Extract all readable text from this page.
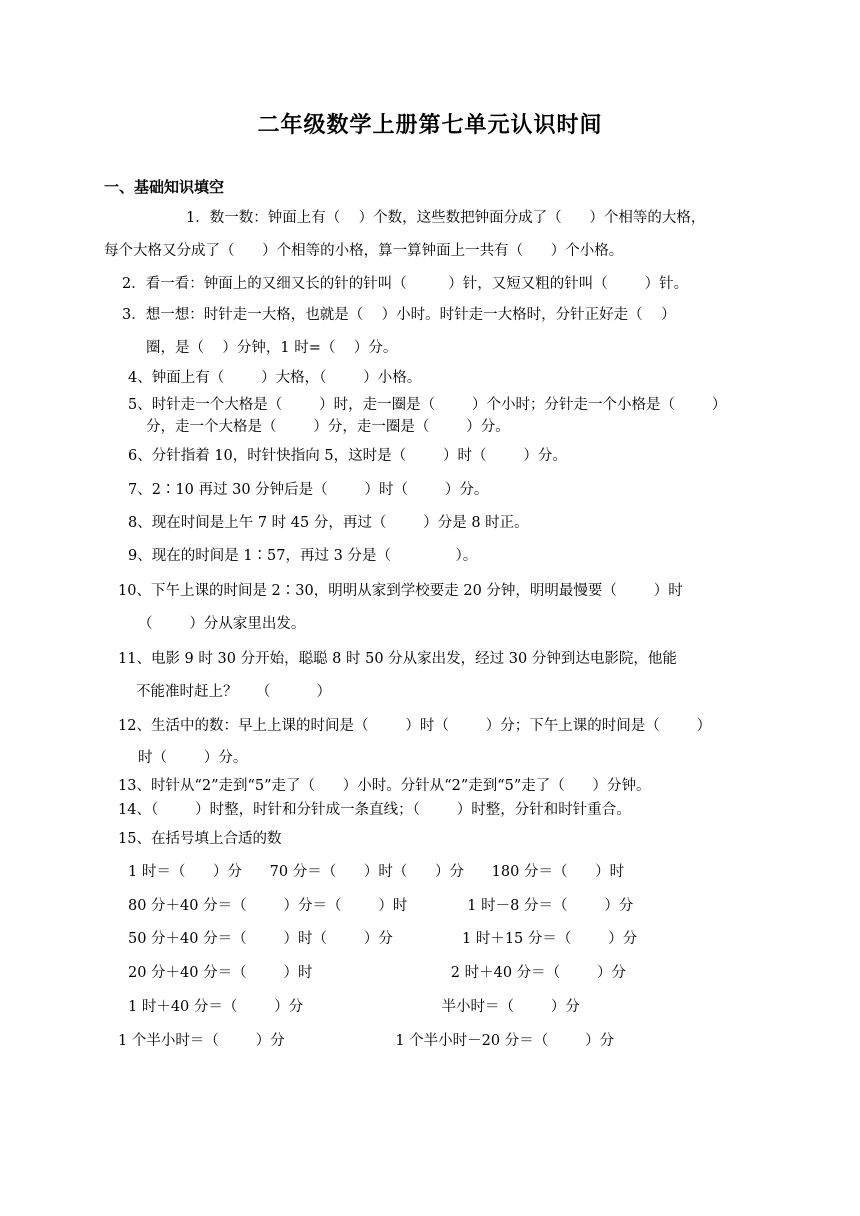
二年级数学上册第七单元认识时间
一、基础知识填空
1．数一数：钟面上有（    ）个数，这些数把钟面分成了（      ）个相等的大格，
每个大格又分成了（      ）个相等的小格，算一算钟面上一共有（      ）个小格。
2．看一看：钟面上的又细又长的针的针叫（         ）针，又短又粗的针叫（        ）针。
3．想一想：时针走一大格，也就是（    ）小时。时针走一大格时，分针正好走（    ）
圈，是（    ）分钟，1 时=（    ）分。
4、钟面上有（        ）大格，（        ）小格。
5、时针走一个大格是（        ）时，走一圈是（        ）个小时；分针走一个小格是（        ）
分，走一个大格是（        ）分，走一圈是（        ）分。
6、分针指着 10，时针快指向 5，这时是（        ）时（        ）分。
7、2∶10 再过 30 分钟后是（        ）时（        ）分。
8、现在时间是上午 7 时 45 分，再过（        ）分是 8 时正。
9、现在的时间是 1∶57，再过 3 分是（              ）。
10、下午上课的时间是 2∶30，明明从家到学校要走 20 分钟，明明最慢要（        ）时
（        ）分从家里出发。
11、电影 9 时 30 分开始，聪聪 8 时 50 分从家出发，经过 30 分钟到达电影院，他能
不能准时赶上？    （          ）
12、生活中的数：早上上课的时间是（        ）时（        ）分；下午上课的时间是（        ）
时（        ）分。
13、时针从“2”走到“5”走了（      ）小时。分针从“2”走到“5”走了（      ）分钟。
14、（        ）时整，时针和分针成一条直线；（        ）时整，分针和时针重合。
15、在括号填上合适的数
1 时＝（      ）分      70 分＝（      ）时（      ）分      180 分＝（      ）时
80 分＋40 分＝（        ）分＝（        ）时             1 时－8 分＝（        ）分
50 分＋40 分＝（        ）时（        ）分               1 时＋15 分＝（        ）分
20 分＋40 分＝（        ）时                              2 时＋40 分＝（        ）分
1 时＋40 分＝（        ）分                              半小时＝（        ）分
1 个半小时＝（        ）分                        1 个半小时－20 分＝（        ）分
